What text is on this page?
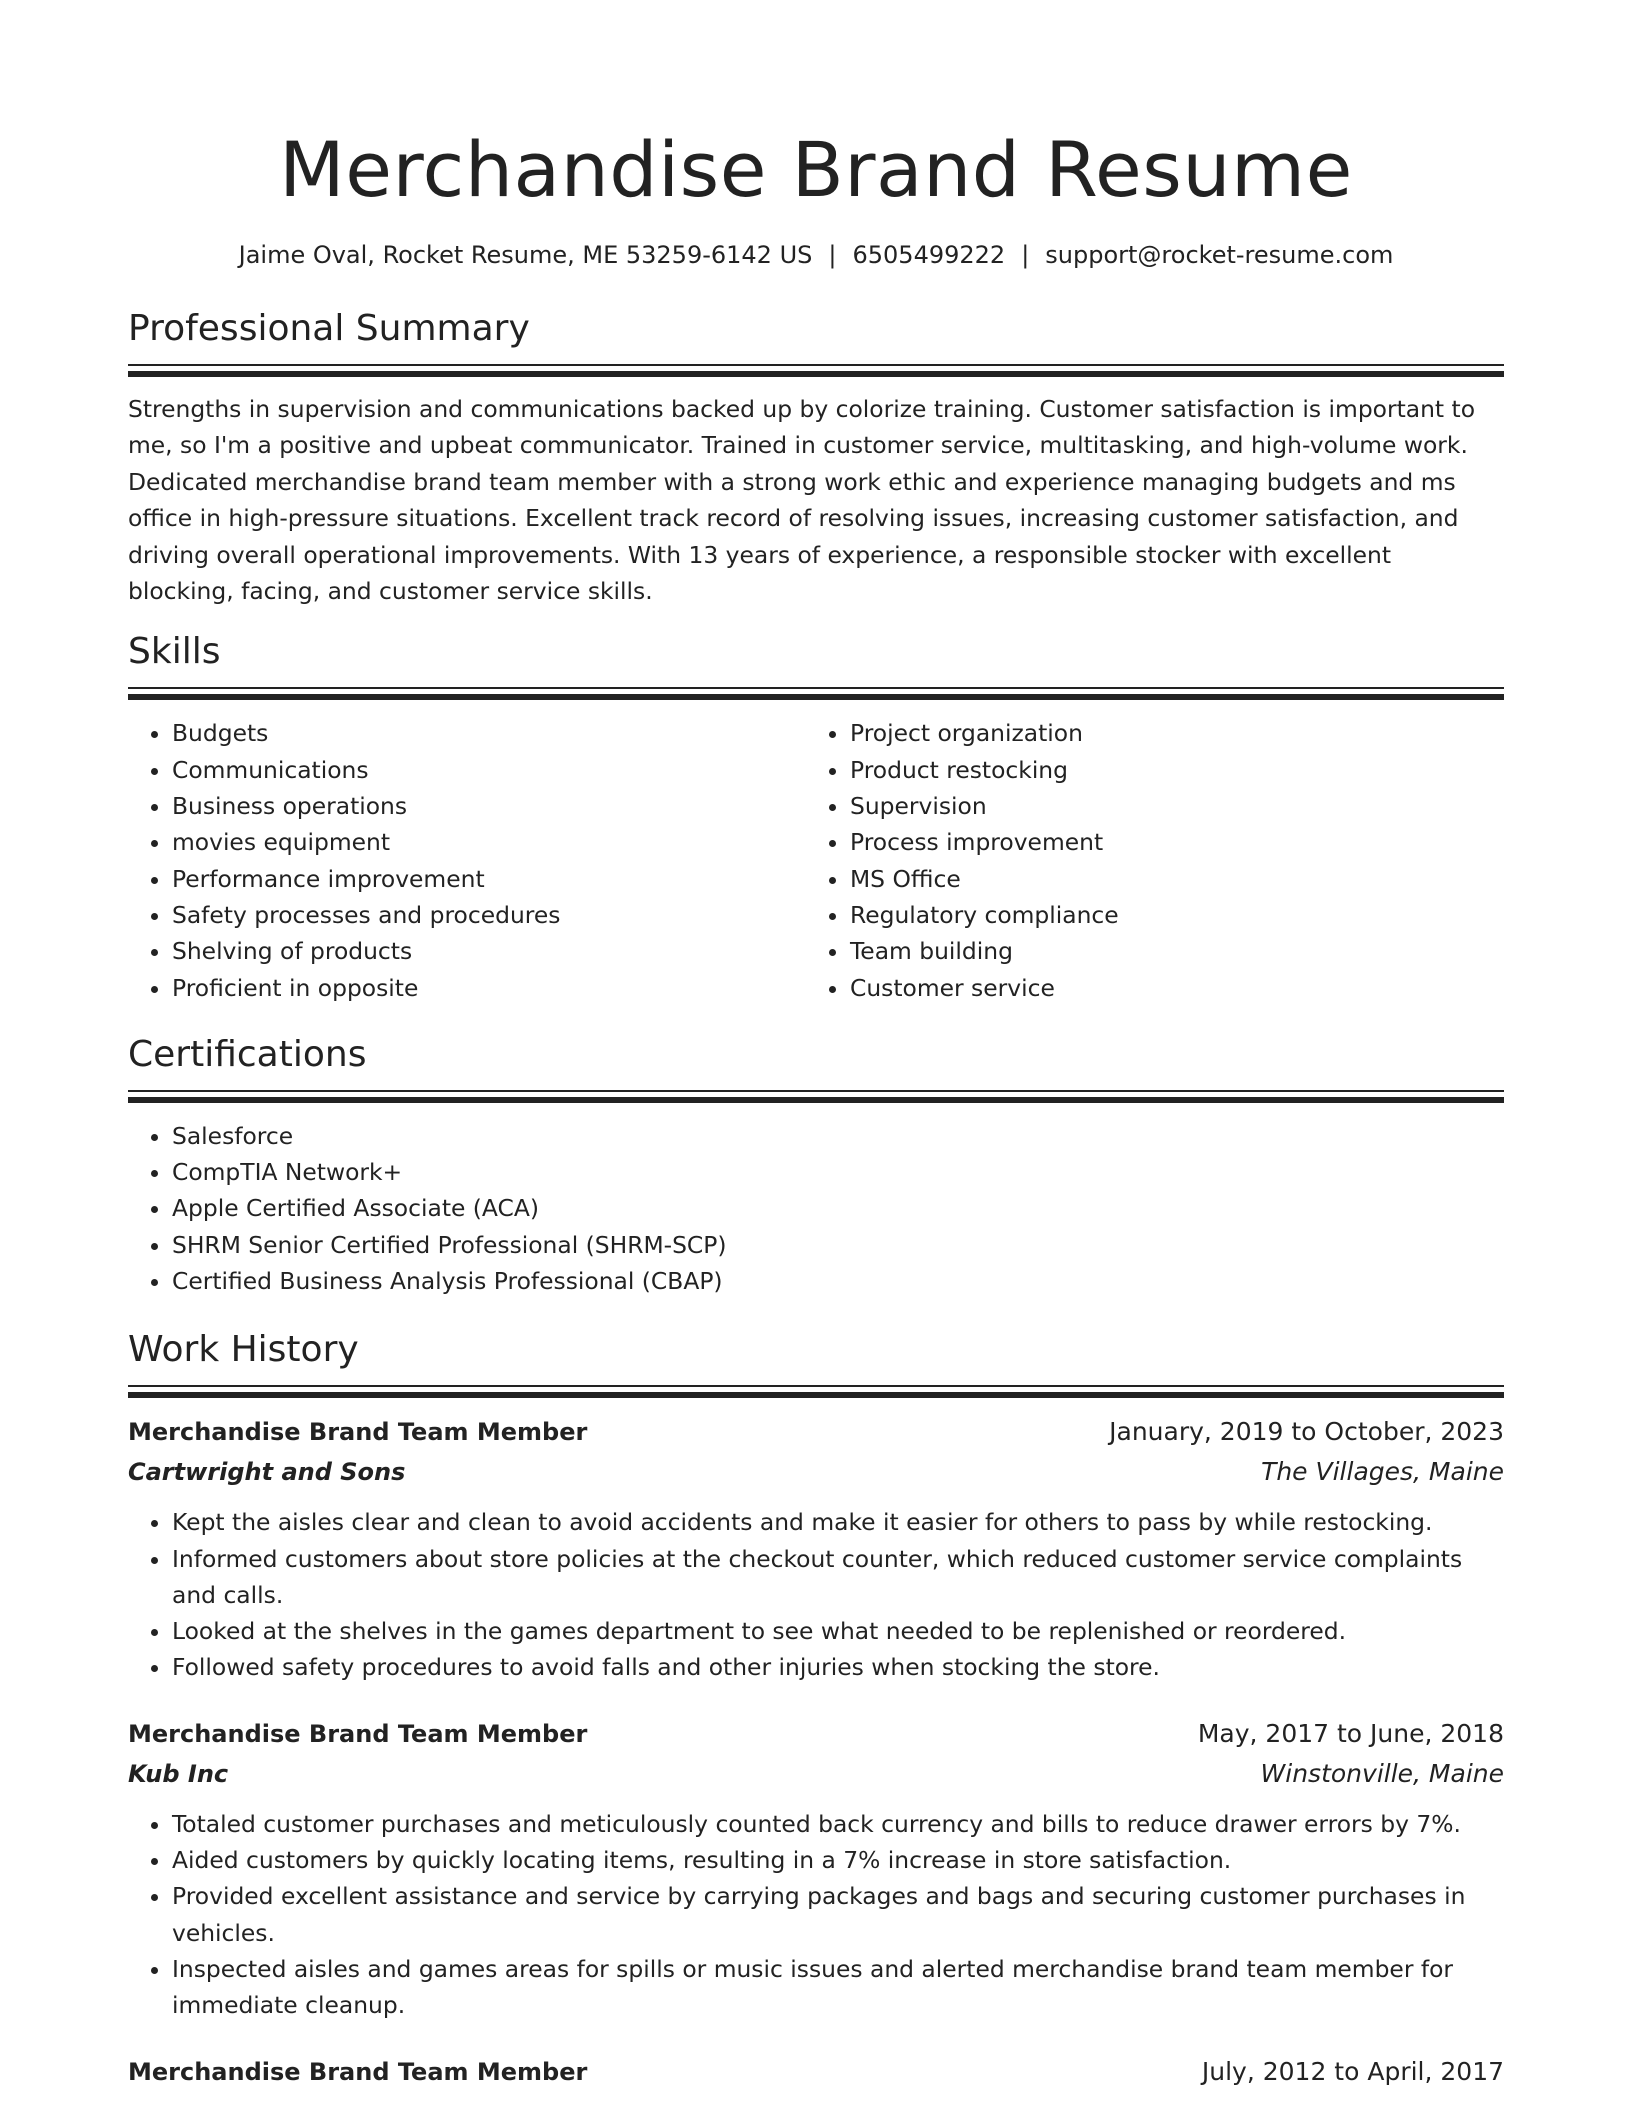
Merchandise Brand Resume
Jaime Oval, Rocket Resume, ME 53259-6142 US | 6505499222 | support@rocket-resume.com
Professional Summary

Strengths in supervision and communications backed up by colorize training. Customer satisfaction is important to me, so I'm a positive and upbeat communicator. Trained in customer service, multitasking, and high-volume work. Dedicated merchandise brand team member with a strong work ethic and experience managing budgets and ms office in high-pressure situations. Excellent track record of resolving issues, increasing customer satisfaction, and driving overall operational improvements. With 13 years of experience, a responsible stocker with excellent blocking, facing, and customer service skills.

Skills
• Budgets
• Communications
• Business operations
• movies equipment
• Performance improvement
• Safety processes and procedures
• Shelving of products
• Proficient in opposite
• Project organization
• Product restocking
• Supervision
• Process improvement
• MS Office
• Regulatory compliance
• Team building
• Customer service
Certifications
• Salesforce
• CompTIA Network+
• Apple Certified Associate (ACA)
• SHRM Senior Certified Professional (SHRM-SCP)
• Certified Business Analysis Professional (CBAP)
Work History
Merchandise Brand Team Member	January, 2019 to October, 2023
Cartwright and Sons	The Villages, Maine
• Kept the aisles clear and clean to avoid accidents and make it easier for others to pass by while restocking.
• Informed customers about store policies at the checkout counter, which reduced customer service complaints and calls.
• Looked at the shelves in the games department to see what needed to be replenished or reordered.
• Followed safety procedures to avoid falls and other injuries when stocking the store.
Merchandise Brand Team Member	May, 2017 to June, 2018
Kub Inc	Winstonville, Maine
• Totaled customer purchases and meticulously counted back currency and bills to reduce drawer errors by 7%.
• Aided customers by quickly locating items, resulting in a 7% increase in store satisfaction.
• Provided excellent assistance and service by carrying packages and bags and securing customer purchases in vehicles.
• Inspected aisles and games areas for spills or music issues and alerted merchandise brand team member for immediate cleanup.
Merchandise Brand Team Member	July, 2012 to April, 2017
